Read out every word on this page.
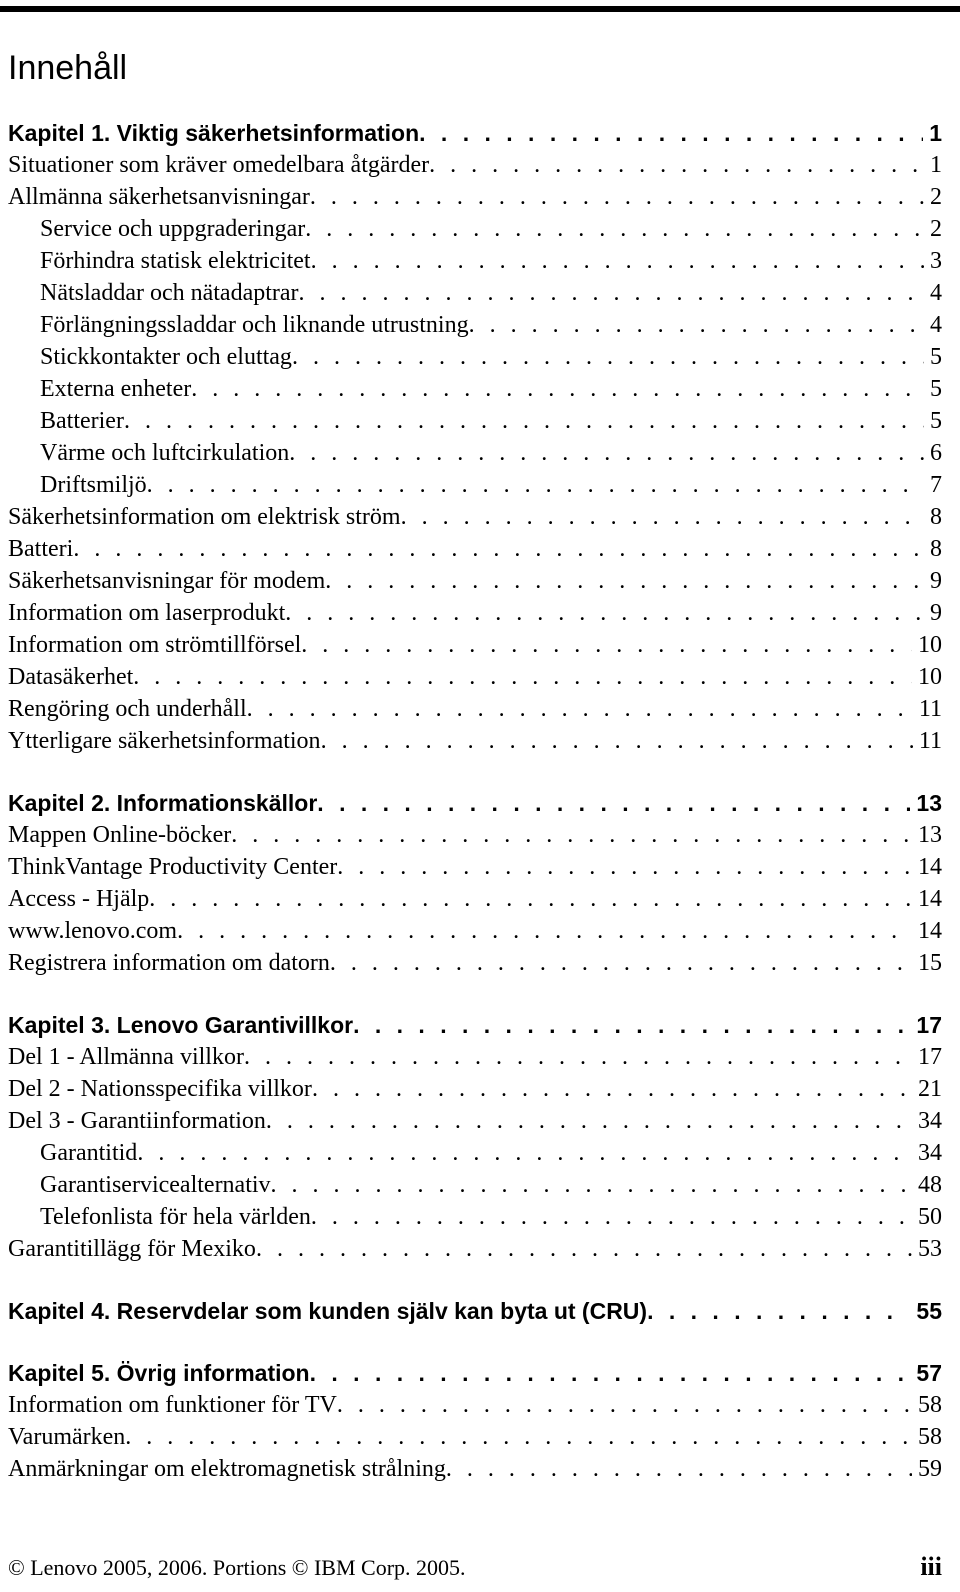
Innehåll
Kapitel 1. Viktig säkerhetsinformation . . .	1
Situationer som kräver omedelbara åtgärder . . .	1
Allmänna säkerhetsanvisningar . . .	2
Service och uppgraderingar . . .	2
Förhindra statisk elektricitet . . .	3
Nätsladdar och nätadaptrar . . .	4
Förlängningssladdar och liknande utrustning . . .	4
Stickkontakter och eluttag . . .	5
Externa enheter . . .	5
Batterier . . .	5
Värme och luftcirkulation . . .	6
Driftsmiljö . . .	7
Säkerhetsinformation om elektrisk ström . . .	8
Batteri . . .	8
Säkerhetsanvisningar för modem . . .	9
Information om laserprodukt . . .	9
Information om strömtillförsel . . .	10
Datasäkerhet . . .	10
Rengöring och underhåll . . .	11
Ytterligare säkerhetsinformation . . .	11
Kapitel 2. Informationskällor . . .	13
Mappen Online-böcker . . .	13
ThinkVantage Productivity Center . . .	14
Access - Hjälp . . .	14
www.lenovo.com . . .	14
Registrera information om datorn . . .	15
Kapitel 3. Lenovo Garantivillkor . . .	17
Del 1 - Allmänna villkor . . .	17
Del 2 - Nationsspecifika villkor . . .	21
Del 3 - Garantiinformation . . .	34
Garantitid . . .	34
Garantiservicealternativ . . .	48
Telefonlista för hela världen . . .	50
Garantitillägg för Mexiko . . .	53
Kapitel 4. Reservdelar som kunden själv kan byta ut (CRU) . . .	55
Kapitel 5. Övrig information . . .	57
Information om funktioner för TV . . .	58
Varumärken . . .	58
Anmärkningar om elektromagnetisk strålning . . .	59
© Lenovo 2005, 2006. Portions © IBM Corp. 2005.	iii
